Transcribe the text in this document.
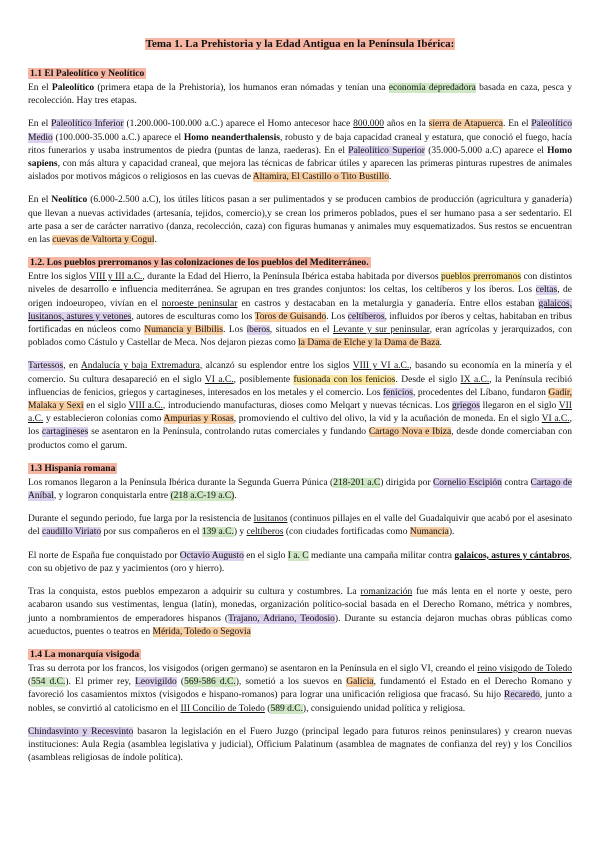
Tema 1. La Prehistoria y la Edad Antigua en la Península Ibérica:
1.1 El Paleolítico y Neolítico

En el Paleolítico (primera etapa de la Prehistoria), los humanos eran nómadas y tenían una economía depredadora basada en caza, pesca y recolección. Hay tres etapas.

En el Paleolítico Inferior (1.200.000-100.000 a.C.) aparece el Homo antecesor hace 800.000 años en la sierra de Atapuerca. En el Paleolítico Medio (100.000-35.000 a.C.) aparece el Homo neanderthalensis, robusto y de baja capacidad craneal y estatura, que conoció el fuego, hacía ritos funerarios y usaba instrumentos de piedra (puntas de lanza, raederas). En el Paleolítico Superior (35.000-5.000 a.C) aparece el Homo sapiens, con más altura y capacidad craneal, que mejora las técnicas de fabricar útiles y aparecen las primeras pinturas rupestres de animales aislados por motivos mágicos o religiosos en las cuevas de Altamira, El Castillo o Tito Bustillo.

En el Neolítico (6.000-2.500 a.C), los útiles líticos pasan a ser pulimentados y se producen cambios de producción (agricultura y ganadería) que llevan a nuevas actividades (artesanía, tejidos, comercio),y se crean los primeros poblados, pues el ser humano pasa a ser sedentario. El arte pasa a ser de carácter narrativo (danza, recolección, caza) con figuras humanas y animales muy esquematizados. Sus restos se encuentran en las cuevas de Valtorta y Cogul.

1.2. Los pueblos prerromanos y las colonizaciones de los pueblos del Mediterráneo.

Entre los siglos VIII y III a.C., durante la Edad del Hierro, la Península Ibérica estaba habitada por diversos pueblos prerromanos con distintos niveles de desarrollo e influencia mediterránea. Se agrupan en tres grandes conjuntos: los celtas, los celtíberos y los íberos. Los celtas, de origen indoeuropeo, vivían en el noroeste peninsular en castros y destacaban en la metalurgia y ganadería. Entre ellos estaban galaicos, lusitanos, astures y vetones, autores de esculturas como los Toros de Guisando. Los celtíberos, influidos por íberos y celtas, habitaban en tribus fortificadas en núcleos como Numancia y Bilbilis. Los íberos, situados en el Levante y sur peninsular, eran agrícolas y jerarquizados, con poblados como Cástulo y Castellar de Meca. Nos dejaron piezas como la Dama de Elche y la Dama de Baza.

Tartessos, en Andalucía y baja Extremadura, alcanzó su esplendor entre los siglos VIII y VI a.C., basando su economía en la minería y el comercio. Su cultura desapareció en el siglo VI a.C., posiblemente fusionada con los fenicios. Desde el siglo IX a.C., la Península recibió influencias de fenicios, griegos y cartagineses, interesados en los metales y el comercio. Los fenicios, procedentes del Líbano, fundaron Gadir, Malaka y Sexi en el siglo VIII a.C., introduciendo manufacturas, dioses como Melqart y nuevas técnicas. Los griegos llegaron en el siglo VII a.C. y establecieron colonias como Ampurias y Rosas, promoviendo el cultivo del olivo, la vid y la acuñación de moneda. En el siglo VI a.C., los cartagineses se asentaron en la Península, controlando rutas comerciales y fundando Cartago Nova e Ibiza, desde donde comerciaban con productos como el garum.

1.3 Hispania romana

Los romanos llegaron a la Península Ibérica durante la Segunda Guerra Púnica (218-201 a.C) dirigida por Cornelio Escipión contra Cartago de Aníbal, y lograron conquistarla entre (218 a.C-19 a.C).

Durante el segundo periodo, fue larga por la resistencia de lusitanos (continuos pillajes en el valle del Guadalquivir que acabó por el asesinato del caudillo Viriato por sus compañeros en el 139 a.C.) y celtíberos (con ciudades fortificadas como Numancia).

El norte de España fue conquistado por Octavio Augusto en el siglo I a. C mediante una campaña militar contra galaicos, astures y cántabros, con su objetivo de paz y yacimientos (oro y hierro).

Tras la conquista, estos pueblos empezaron a adquirir su cultura y costumbres. La romanización fue más lenta en el norte y oeste, pero acabaron usando sus vestimentas, lengua (latín), monedas, organización político-social basada en el Derecho Romano, métrica y nombres, junto a nombramientos de emperadores hispanos (Trajano, Adriano, Teodosio). Durante su estancia dejaron muchas obras públicas como acueductos, puentes o teatros en Mérida, Toledo o Segovia

1.4 La monarquía visigoda

Tras su derrota por los francos, los visigodos (origen germano) se asentaron en la Península en el siglo VI, creando el reino visigodo de Toledo (554 d.C.). El primer rey, Leovigildo (569-586 d.C.), sometió a los suevos en Galicia, fundamentó el Estado en el Derecho Romano y favoreció los casamientos mixtos (visigodos e hispano-romanos) para lograr una unificación religiosa que fracasó. Su hijo Recaredo, junto a nobles, se convirtió al catolicismo en el III Concilio de Toledo (589 d.C.), consiguiendo unidad política y religiosa.

Chindasvinto y Recesvinto basaron la legislación en el Fuero Juzgo (principal legado para futuros reinos peninsulares) y crearon nuevas instituciones: Aula Regia (asamblea legislativa y judicial), Officium Palatinum (asamblea de magnates de confianza del rey) y los Concilios (asambleas religiosas de índole política).
